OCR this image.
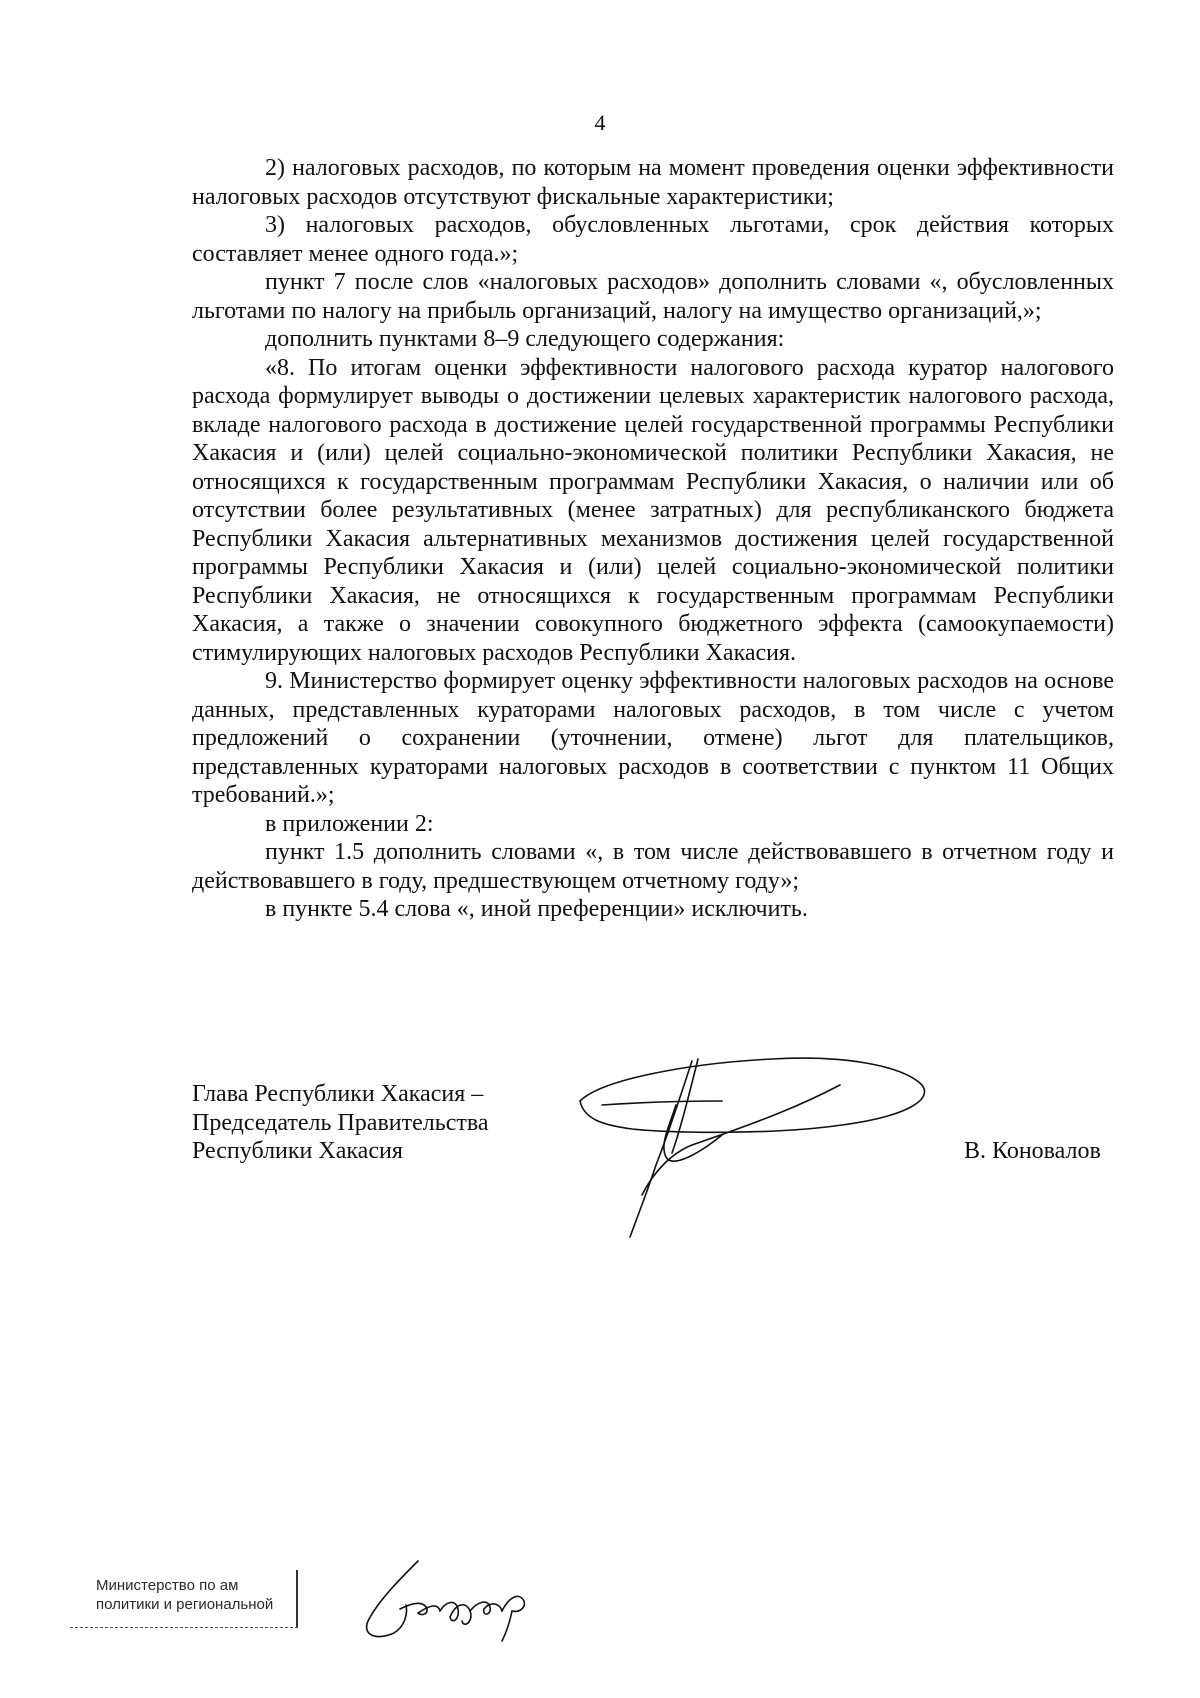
4

2) налоговых расходов, по которым на момент проведения оценки эффективности налоговых расходов отсутствуют фискальные характеристики;

3) налоговых расходов, обусловленных льготами, срок действия которых составляет менее одного года.»;

пункт 7 после слов «налоговых расходов» дополнить словами «, обусловленных льготами по налогу на прибыль организаций, налогу на имущество организаций,»;

дополнить пунктами 8–9 следующего содержания:

«8. По итогам оценки эффективности налогового расхода куратор налогового расхода формулирует выводы о достижении целевых характеристик налогового расхода, вкладе налогового расхода в достижение целей государственной программы Республики Хакасия и (или) целей социально-экономической политики Республики Хакасия, не относящихся к государственным программам Республики Хакасия, о наличии или об отсутствии более результативных (менее затратных) для республиканского бюджета Республики Хакасия альтернативных механизмов достижения целей государственной программы Республики Хакасия и (или) целей социально-экономической политики Республики Хакасия, не относящихся к государственным программам Республики Хакасия, а также о значении совокупного бюджетного эффекта (самоокупаемости) стимулирующих налоговых расходов Республики Хакасия.

9. Министерство формирует оценку эффективности налоговых расходов на основе данных, представленных кураторами налоговых расходов, в том числе с учетом предложений о сохранении (уточнении, отмене) льгот для плательщиков, представленных кураторами налоговых расходов в соответствии с пунктом 11 Общих требований.»;

в приложении 2:

пункт 1.5 дополнить словами «, в том числе действовавшего в отчетном году и действовавшего в году, предшествующем отчетному году»;

в пункте 5.4 слова «, иной преференции» исключить.

Глава Республики Хакасия –
Председатель Правительства
Республики Хакасия	В. Коновалов
Министерство по ам
политики и региональной
